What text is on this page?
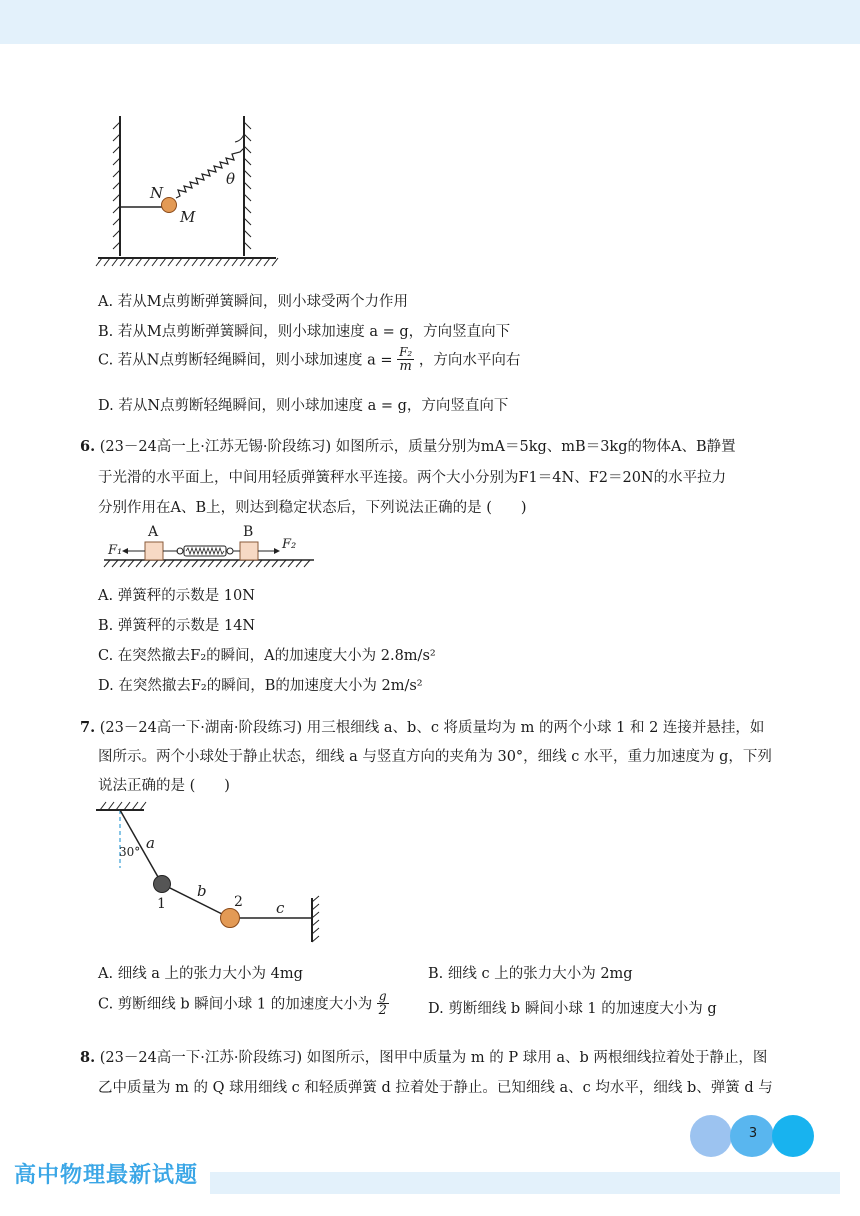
N
M
θ
A. 若从M点剪断弹簧瞬间，则小球受两个力作用
B. 若从M点剪断弹簧瞬间，则小球加速度 a = g，方向竖直向下
C. 若从N点剪断轻绳瞬间，则小球加速度 $a = \frac{\text{F₂}}{m}$ ，方向水平向右
D. 若从N点剪断轻绳瞬间，则小球加速度 a = g，方向竖直向下
6. (23－24高一上·江苏无锡·阶段练习) 如图所示，质量分别为mA＝5kg、mB＝3kg的物体A、B静置
于光滑的水平面上，中间用轻质弹簧秤水平连接。两个大小分别为F1＝4N、F2＝20N的水平拉力
分别作用在A、B上，则达到稳定状态后，下列说法正确的是 (　　)
A	B
F₁	F₂
A. 弹簧秤的示数是 10N
B. 弹簧秤的示数是 14N
C. 在突然撤去F₂的瞬间，A的加速度大小为 2.8m/s²
D. 在突然撤去F₂的瞬间，B的加速度大小为 2m/s²
7. (23－24高一下·湖南·阶段练习) 用三根细线 a、b、c 将质量均为 m 的两个小球 1 和 2 连接并悬挂，如
图所示。两个小球处于静止状态，细线 a 与竖直方向的夹角为 30°，细线 c 水平，重力加速度为 g，下列
说法正确的是 (　　)
30° a
b
c
1	2
A. 细线 a 上的张力大小为 4mg	B. 细线 c 上的张力大小为 2mg
C. 剪断细线 b 瞬间小球 1 的加速度大小为 $\frac{g}{2}$	D. 剪断细线 b 瞬间小球 1 的加速度大小为 g
8. (23－24高一下·江苏·阶段练习) 如图所示，图甲中质量为 m 的 P 球用 a、b 两根细线拉着处于静止，图
乙中质量为 m 的 Q 球用细线 c 和轻质弹簧 d 拉着处于静止。已知细线 a、c 均水平，细线 b、弹簧 d 与
3
高中物理最新试题
